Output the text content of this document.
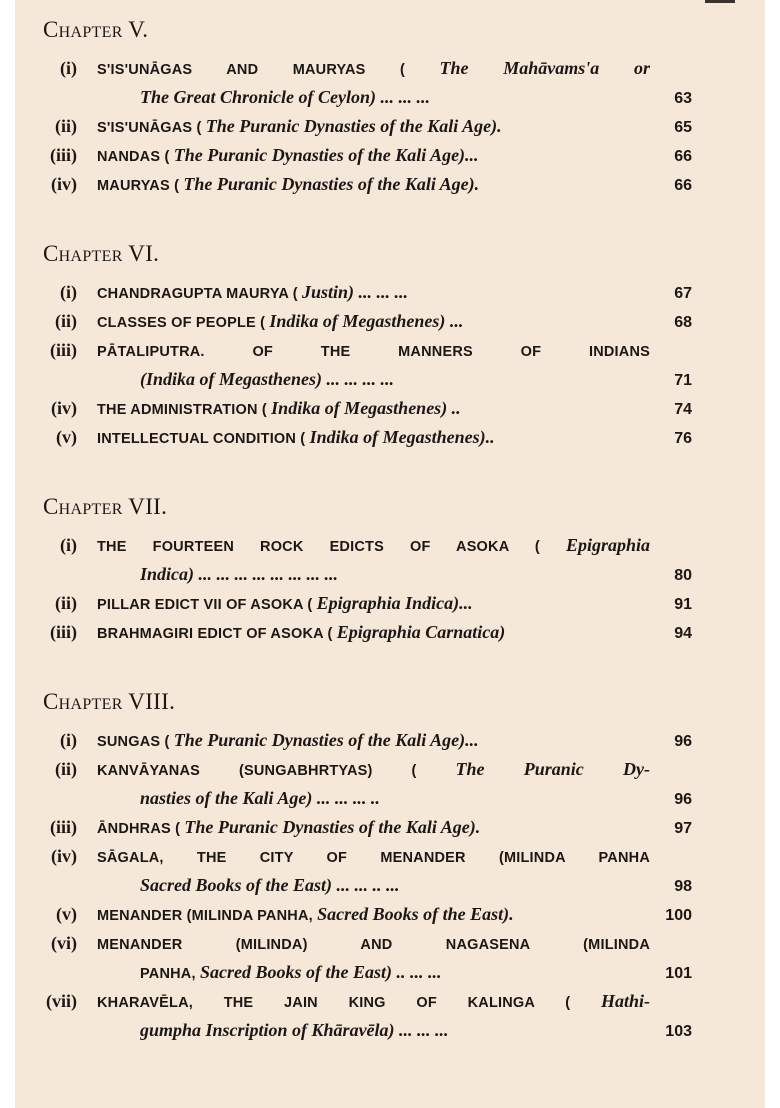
Chapter V.
(i)	S'IS'UNĀGAS AND MAURYAS ( The Mahāvams'a or
The Great Chronicle of Ceylon) ... ... ...	63
(ii)	S'IS'UNĀGAS ( The Puranic Dynasties of the Kali Age).	65
(iii)	NANDAS ( The Puranic Dynasties of the Kali Age)...	66
(iv)	MAURYAS ( The Puranic Dynasties of the Kali Age).	66
Chapter VI.
(i)	CHANDRAGUPTA MAURYA ( Justin) ... ... ...	67
(ii)	CLASSES OF PEOPLE ( Indika of Megasthenes) ...	68
(iii)	PĀTALIPUTRA. OF THE MANNERS OF INDIANS
(Indika of Megasthenes) ... ... ... ...	71
(iv)	THE ADMINISTRATION ( Indika of Megasthenes) ..	74
(v)	INTELLECTUAL CONDITION ( Indika of Megasthenes)..	76
Chapter VII.
(i)	THE FOURTEEN ROCK EDICTS OF ASOKA ( Epigraphia
Indica) ... ... ... ... ... ... ... ...	80
(ii)	PILLAR EDICT VII OF ASOKA ( Epigraphia Indica)...	91
(iii)	BRAHMAGIRI EDICT OF ASOKA ( Epigraphia Carnatica)	94
Chapter VIII.
(i)	SUNGAS ( The Puranic Dynasties of the Kali Age)...	96
(ii)	KANVĀYANAS (SUNGABHRTYAS) ( The Puranic Dy-
nasties of the Kali Age) ... ... ... ..	96
(iii)	ĀNDHRAS ( The Puranic Dynasties of the Kali Age).	97
(iv)	SĀGALA, THE CITY OF MENANDER (MILINDA PANHA
Sacred Books of the East) ... ... .. ...	98
(v)	MENANDER (MILINDA PANHA, Sacred Books of the East).	100
(vi)	MENANDER (MILINDA) AND NAGASENA (MILINDA
PANHA, Sacred Books of the East) .. ... ...	101
(vii)	KHARAVĒLA, THE JAIN KING OF KALINGA ( Hathi-
gumpha Inscription of Khāravēla) ... ... ...	103
